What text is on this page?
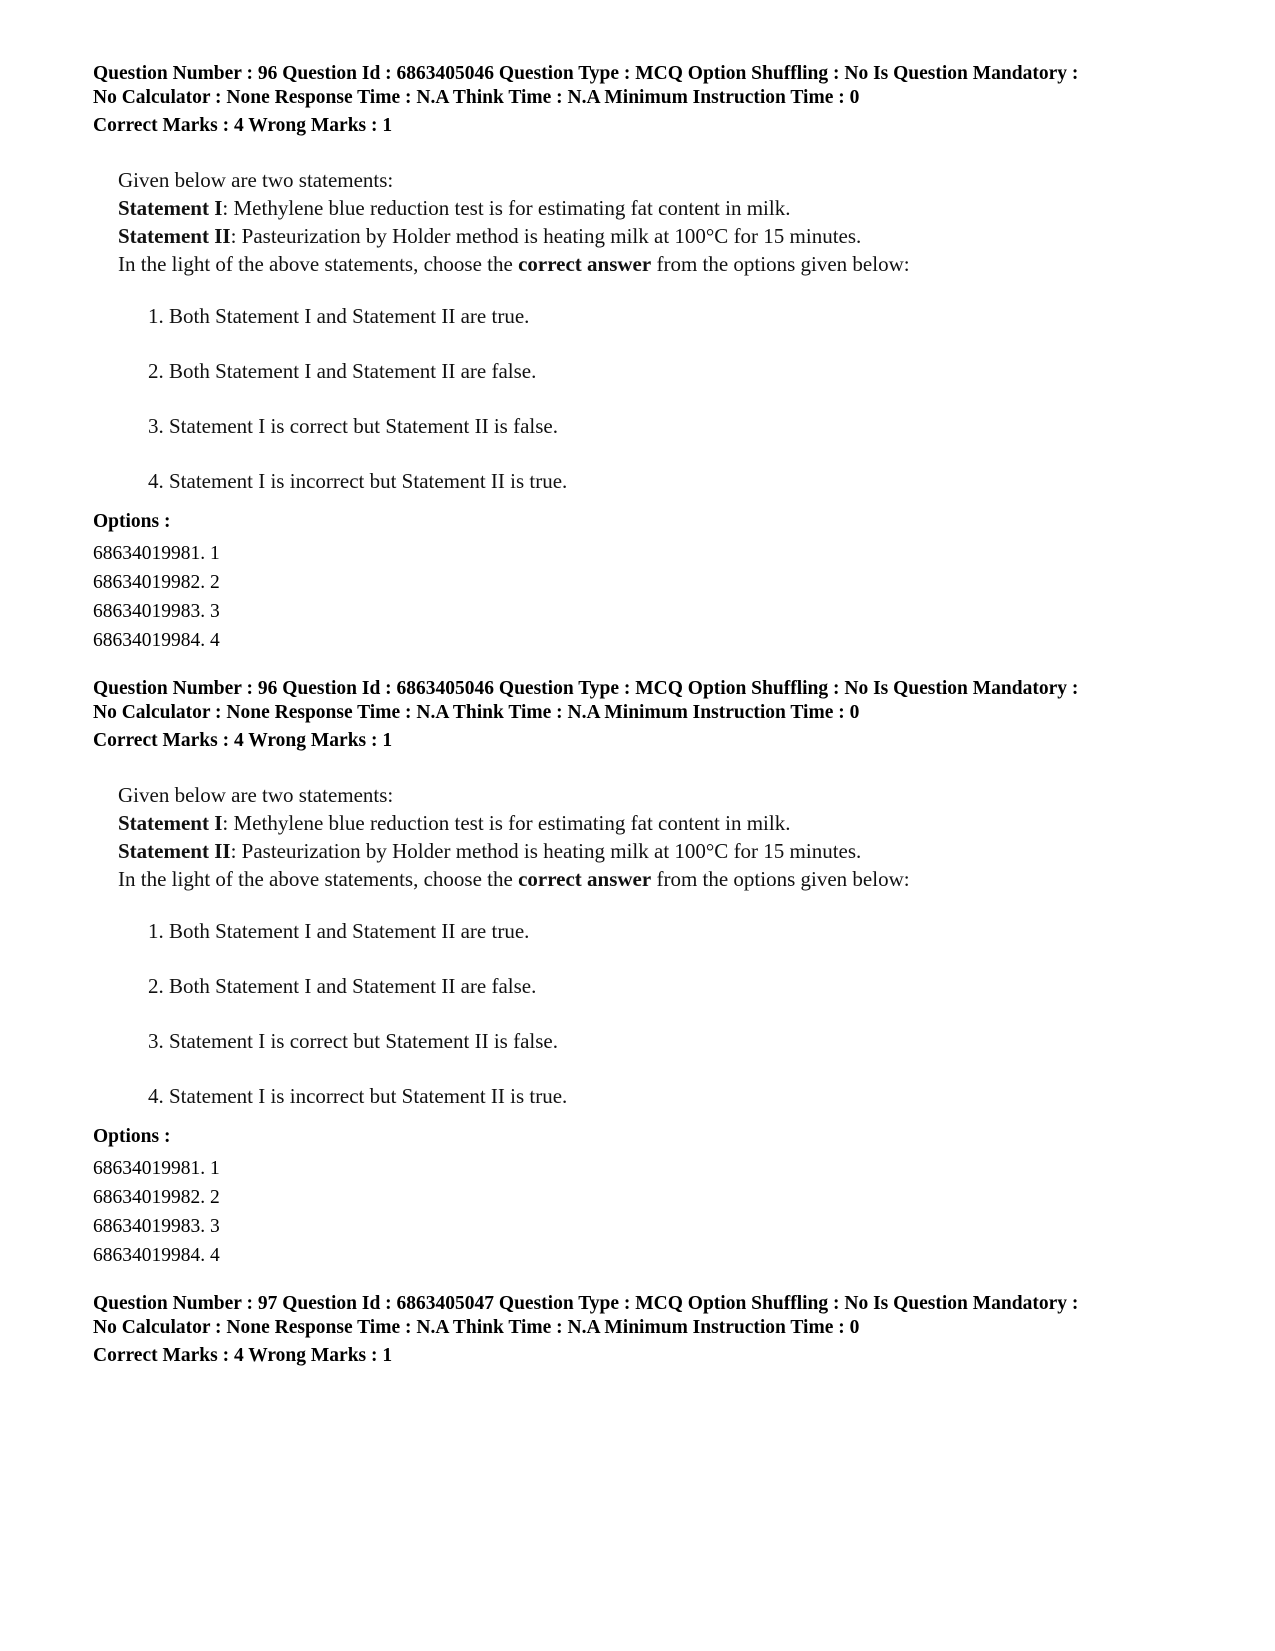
Question Number : 96 Question Id : 6863405046 Question Type : MCQ Option Shuffling : No Is Question Mandatory :
No Calculator : None Response Time : N.A Think Time : N.A Minimum Instruction Time : 0
Correct Marks : 4 Wrong Marks : 1
Given below are two statements:
Statement I: Methylene blue reduction test is for estimating fat content in milk.
Statement II: Pasteurization by Holder method is heating milk at 100°C for 15 minutes.
In the light of the above statements, choose the correct answer from the options given below:
1. Both Statement I and Statement II are true.
2. Both Statement I and Statement II are false.
3. Statement I is correct but Statement II is false.
4. Statement I is incorrect but Statement II is true.
Options :
68634019981. 1
68634019982. 2
68634019983. 3
68634019984. 4
Question Number : 96 Question Id : 6863405046 Question Type : MCQ Option Shuffling : No Is Question Mandatory :
No Calculator : None Response Time : N.A Think Time : N.A Minimum Instruction Time : 0
Correct Marks : 4 Wrong Marks : 1
Given below are two statements:
Statement I: Methylene blue reduction test is for estimating fat content in milk.
Statement II: Pasteurization by Holder method is heating milk at 100°C for 15 minutes.
In the light of the above statements, choose the correct answer from the options given below:
1. Both Statement I and Statement II are true.
2. Both Statement I and Statement II are false.
3. Statement I is correct but Statement II is false.
4. Statement I is incorrect but Statement II is true.
Options :
68634019981. 1
68634019982. 2
68634019983. 3
68634019984. 4
Question Number : 97 Question Id : 6863405047 Question Type : MCQ Option Shuffling : No Is Question Mandatory :
No Calculator : None Response Time : N.A Think Time : N.A Minimum Instruction Time : 0
Correct Marks : 4 Wrong Marks : 1
